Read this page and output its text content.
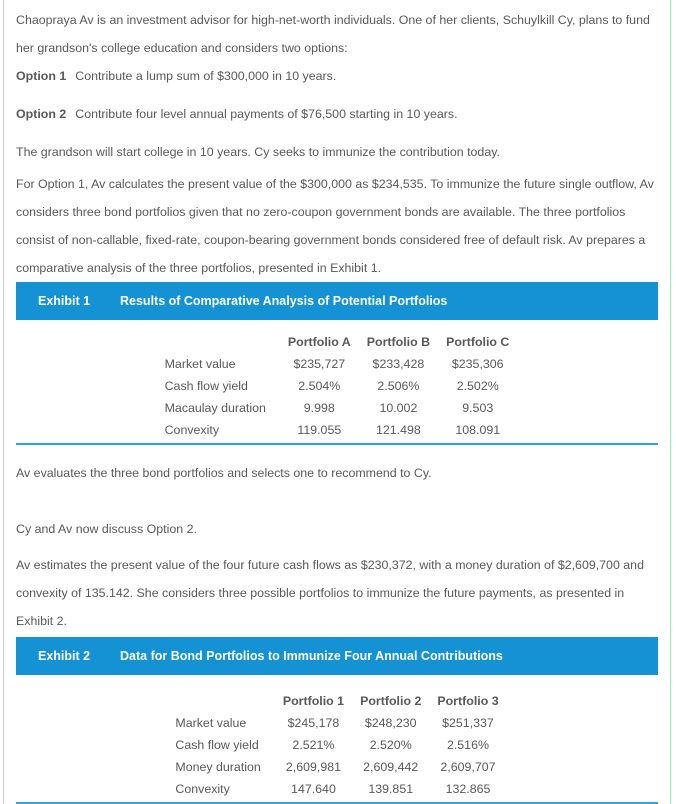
Chaopraya Av is an investment advisor for high-net-worth individuals. One of her clients, Schuylkill Cy, plans to fund her grandson's college education and considers two options:

Option 1 Contribute a lump sum of $300,000 in 10 years.
Option 2 Contribute four level annual payments of $76,500 starting in 10 years.

The grandson will start college in 10 years. Cy seeks to immunize the contribution today.

For Option 1, Av calculates the present value of the $300,000 as $234,535. To immunize the future single outflow, Av considers three bond portfolios given that no zero-coupon government bonds are available. The three portfolios consist of non-callable, fixed-rate, coupon-bearing government bonds considered free of default risk. Av prepares a comparative analysis of the three portfolios, presented in Exhibit 1.

Exhibit 1	Results of Comparative Analysis of Potential Portfolios
	Portfolio A	Portfolio B	Portfolio C
Market value	$235,727	$233,428	$235,306
Cash flow yield	2.504%	2.506%	2.502%
Macaulay duration	9.998	10.002	9.503
Convexity	119.055	121.498	108.091

Av evaluates the three bond portfolios and selects one to recommend to Cy.

Cy and Av now discuss Option 2.

Av estimates the present value of the four future cash flows as $230,372, with a money duration of $2,609,700 and convexity of 135.142. She considers three possible portfolios to immunize the future payments, as presented in Exhibit 2.

Exhibit 2	Data for Bond Portfolios to Immunize Four Annual Contributions
	Portfolio 1	Portfolio 2	Portfolio 3
Market value	$245,178	$248,230	$251,337
Cash flow yield	2.521%	2.520%	2.516%
Money duration	2,609,981	2,609,442	2,609,707
Convexity	147.640	139.851	132.865
